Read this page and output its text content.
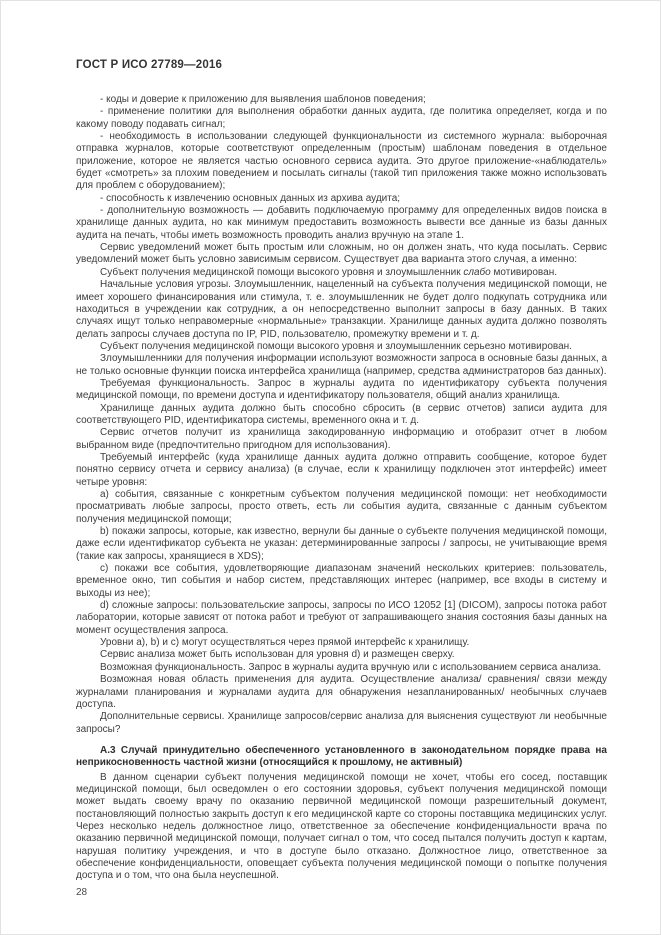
ГОСТ Р ИСО 27789—2016
- коды и доверие к приложению для выявления шаблонов поведения;
- применение политики для выполнения обработки данных аудита, где политика определяет, когда и по какому поводу подавать сигнал;
- необходимость в использовании следующей функциональности из системного журнала: выборочная отправка журналов, которые соответствуют определенным (простым) шаблонам поведения в отдельное приложение, которое не является частью основного сервиса аудита. Это другое приложение-«наблюдатель» будет «смотреть» за плохим поведением и посылать сигналы (такой тип приложения также можно использовать для проблем с оборудованием);
- способность к извлечению основных данных из архива аудита;
- дополнительную возможность — добавить подключаемую программу для определенных видов поиска в хранилище данных аудита, но как минимум предоставить возможность вывести все данные из базы данных аудита на печать, чтобы иметь возможность проводить анализ вручную на этапе 1.
Сервис уведомлений может быть простым или сложным, но он должен знать, что куда посылать. Сервис уведомлений может быть условно зависимым сервисом. Существует два варианта этого случая, а именно:
Субъект получения медицинской помощи высокого уровня и злоумышленник слабо мотивирован.
Начальные условия угрозы. Злоумышленник, нацеленный на субъекта получения медицинской помощи, не имеет хорошего финансирования или стимула, т. е. злоумышленник не будет долго подкупать сотрудника или находиться в учреждении как сотрудник, а он непосредственно выполнит запросы в базу данных. В таких случаях ищут только неправомерные «нормальные» транзакции. Хранилище данных аудита должно позволять делать запросы случаев доступа по IP, PID, пользователю, промежутку времени и т. д.
Субъект получения медицинской помощи высокого уровня и злоумышленник серьезно мотивирован.
Злоумышленники для получения информации используют возможности запроса в основные базы данных, а не только основные функции поиска интерфейса хранилища (например, средства администраторов баз данных).
Требуемая функциональность. Запрос в журналы аудита по идентификатору субъекта получения медицинской помощи, по времени доступа и идентификатору пользователя, общий анализ хранилища.
Хранилище данных аудита должно быть способно сбросить (в сервис отчетов) записи аудита для соответствующего PID, идентификатора системы, временного окна и т. д.
Сервис отчетов получит из хранилища закодированную информацию и отобразит отчет в любом выбранном виде (предпочтительно пригодном для использования).
Требуемый интерфейс (куда хранилище данных аудита должно отправить сообщение, которое будет понятно сервису отчета и сервису анализа) (в случае, если к хранилищу подключен этот интерфейс) имеет четыре уровня:
а) события, связанные с конкретным субъектом получения медицинской помощи: нет необходимости просматривать любые запросы, просто ответь, есть ли события аудита, связанные с данным субъектом получения медицинской помощи;
b) покажи запросы, которые, как известно, вернули бы данные о субъекте получения медицинской помощи, даже если идентификатор субъекта не указан: детерминированные запросы / запросы, не учитывающие время (такие как запросы, хранящиеся в XDS);
с) покажи все события, удовлетворяющие диапазонам значений нескольких критериев: пользователь, временное окно, тип события и набор систем, представляющих интерес (например, все входы в систему и выходы из нее);
d) сложные запросы: пользовательские запросы, запросы по ИСО 12052 [1] (DICOM), запросы потока работ лаборатории, которые зависят от потока работ и требуют от запрашивающего знания состояния базы данных на момент осуществления запроса.
Уровни а), b) и с) могут осуществляться через прямой интерфейс к хранилищу.
Сервис анализа может быть использован для уровня d) и размещен сверху.
Возможная функциональность. Запрос в журналы аудита вручную или с использованием сервиса анализа.
Возможная новая область применения для аудита. Осуществление анализа/ сравнения/ связи между журналами планирования и журналами аудита для обнаружения незапланированных/ необычных случаев доступа.
Дополнительные сервисы. Хранилище запросов/сервис анализа для выяснения существуют ли необычные запросы?
А.3 Случай принудительно обеспеченного установленного в законодательном порядке права на неприкосновенность частной жизни (относящийся к прошлому, не активный)
В данном сценарии субъект получения медицинской помощи не хочет, чтобы его сосед, поставщик медицинской помощи, был осведомлен о его состоянии здоровья, субъект получения медицинской помощи может выдать своему врачу по оказанию первичной медицинской помощи разрешительный документ, постановляющий полностью закрыть доступ к его медицинской карте со стороны поставщика медицинских услуг. Через несколько недель должностное лицо, ответственное за обеспечение конфиденциальности врача по оказанию первичной медицинской помощи, получает сигнал о том, что сосед пытался получить доступ к картам, нарушая политику учреждения, и что в доступе было отказано. Должностное лицо, ответственное за обеспечение конфиденциальности, оповещает субъекта получения медицинской помощи о попытке получения доступа и о том, что она была неуспешной.
28
